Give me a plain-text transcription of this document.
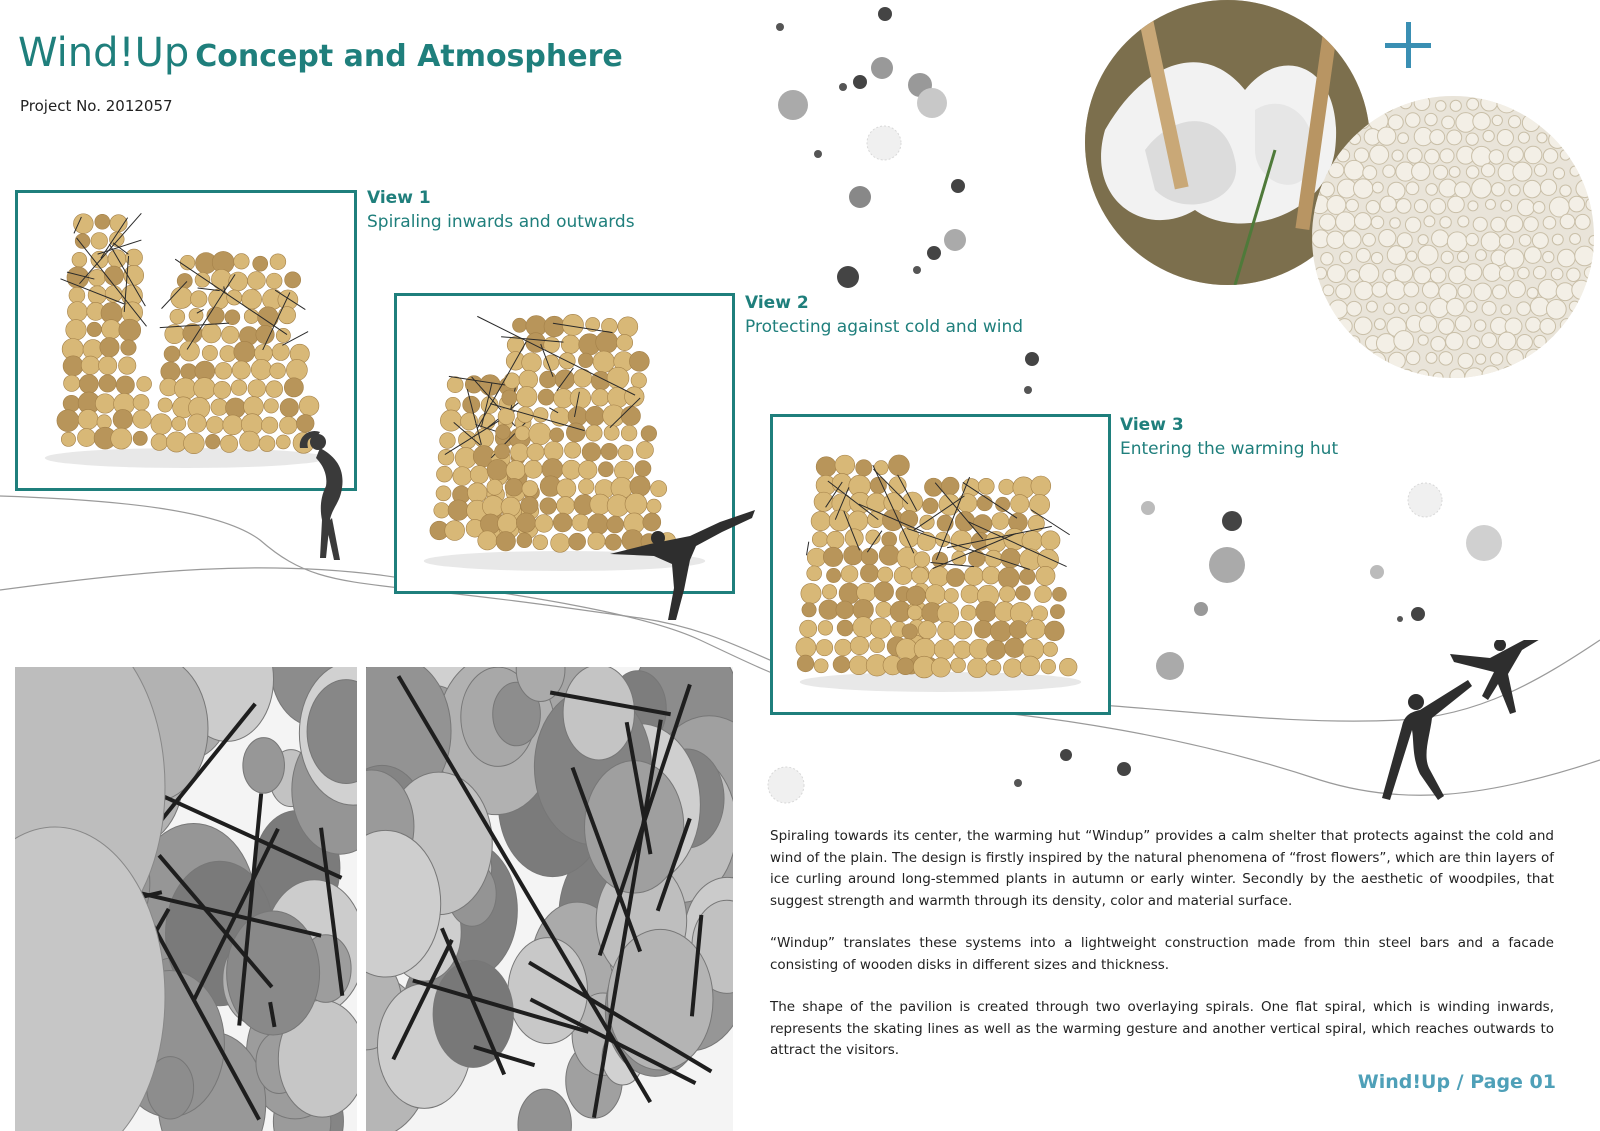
Wind!Up Concept and Atmosphere
Project No. 2012057
View 1
Spiraling inwards and outwards
View 2
Protecting against cold and wind
View 3
Entering the warming hut

Spiraling towards its center, the warming hut “Windup” provides a calm shelter that protects against the cold and wind of the plain. The design is firstly inspired by the natural phenomena of “frost flowers”, which are thin layers of ice curling around long-stemmed plants in autumn or early winter. Secondly by the aesthetic of woodpiles, that suggest strength and warmth through its density, color and material surface.

“Windup” translates these systems into a lightweight construction made from thin steel bars and a facade consisting of wooden disks in different sizes and thickness.

The shape of the pavilion is created through two overlaying spirals. One flat spiral, which is winding inwards, represents the skating lines as well as the warming gesture and another vertical spiral, which reaches outwards to attract the visitors.

Wind!Up / Page 01
